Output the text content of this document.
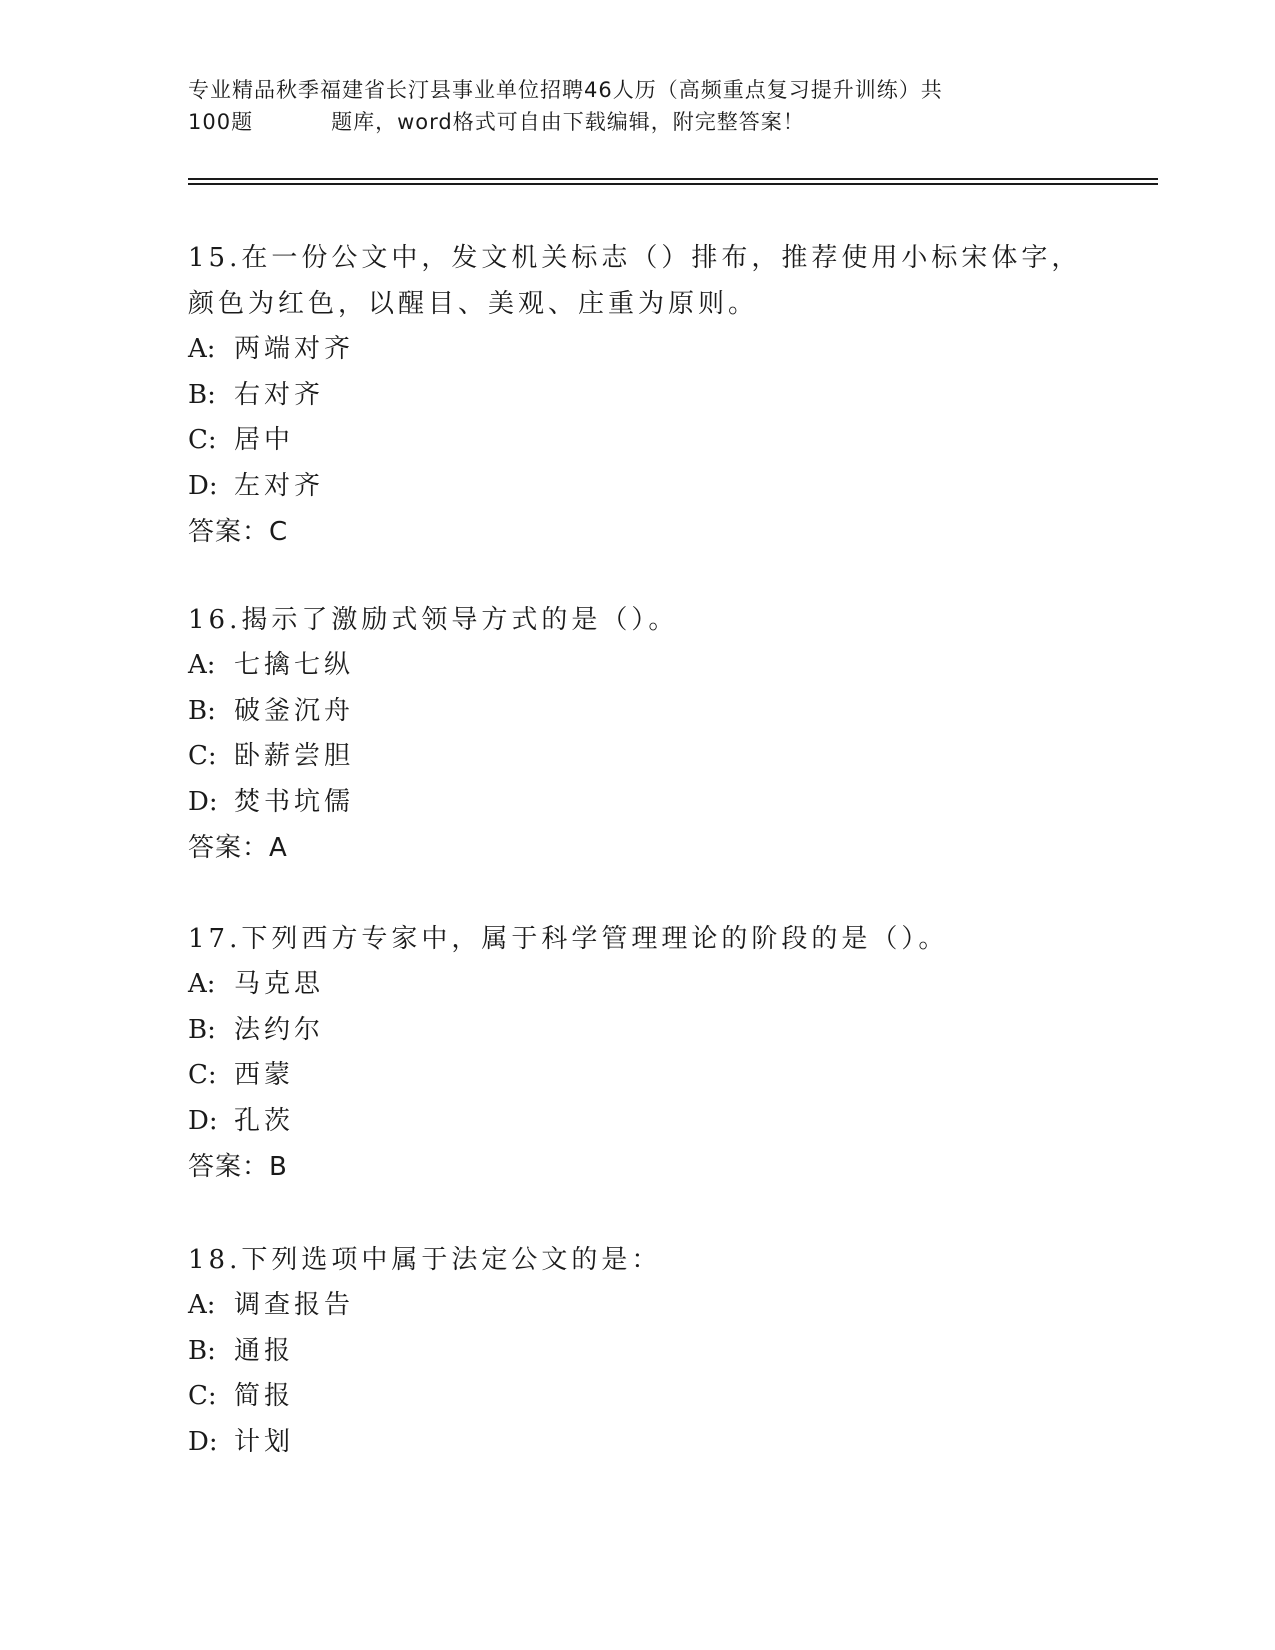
专业精品秋季福建省长汀县事业单位招聘46人历（高频重点复习提升训练）共
100题	题库，word格式可自由下载编辑，附完整答案！

15.在一份公文中，发文机关标志（）排布，推荐使用小标宋体字，颜色为红色，以醒目、美观、庄重为原则。

A: 两端对齐
B: 右对齐
C: 居中
D: 左对齐
答案：C

16.揭示了激励式领导方式的是（）。

A: 七擒七纵
B: 破釜沉舟
C: 卧薪尝胆
D: 焚书坑儒
答案：A

17.下列西方专家中，属于科学管理理论的阶段的是（）。

A: 马克思
B: 法约尔
C: 西蒙
D: 孔茨
答案：B

18.下列选项中属于法定公文的是：

A: 调查报告
B: 通报
C: 简报
D: 计划
